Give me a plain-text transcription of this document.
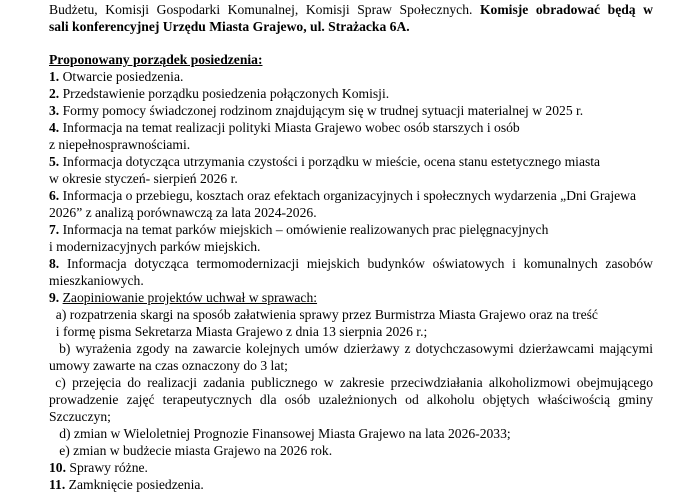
Budżetu, Komisji Gospodarki Komunalnej, Komisji Spraw Społecznych. Komisje obradować będą w
sali konferencyjnej Urzędu Miasta Grajewo, ul. Strażacka 6A.
Proponowany porządek posiedzenia:
1. Otwarcie posiedzenia.
2. Przedstawienie porządku posiedzenia połączonych Komisji.
3. Formy pomocy świadczonej rodzinom znajdującym się w trudnej sytuacji materialnej w 2025 r.
4. Informacja na temat realizacji polityki Miasta Grajewo wobec osób starszych i osób
z niepełnosprawnościami.
5. Informacja dotycząca utrzymania czystości i porządku w mieście, ocena stanu estetycznego miasta
w okresie styczeń- sierpień 2026 r.
6. Informacja o przebiegu, kosztach oraz efektach organizacyjnych i społecznych wydarzenia „Dni Grajewa
2026” z analizą porównawczą za lata 2024-2026.
7. Informacja na temat parków miejskich – omówienie realizowanych prac pielęgnacyjnych
i modernizacyjnych parków miejskich.
8. Informacja dotycząca termomodernizacji miejskich budynków oświatowych i komunalnych zasobów
mieszkaniowych.
9. Zaopiniowanie projektów uchwał w sprawach:
a) rozpatrzenia skargi na sposób załatwienia sprawy przez Burmistrza Miasta Grajewo oraz na treść
i formę pisma Sekretarza Miasta Grajewo z dnia 13 sierpnia 2026 r.;
b) wyrażenia zgody na zawarcie kolejnych umów dzierżawy z dotychczasowymi dzierżawcami mającymi
umowy zawarte na czas oznaczony do 3 lat;
c) przejęcia do realizacji zadania publicznego w zakresie przeciwdziałania alkoholizmowi obejmującego
prowadzenie zajęć terapeutycznych dla osób uzależnionych od alkoholu objętych właściwością gminy
Szczuczyn;
d) zmian w Wieloletniej Prognozie Finansowej Miasta Grajewo na lata 2026-2033;
e) zmian w budżecie miasta Grajewo na 2026 rok.
10. Sprawy różne.
11. Zamknięcie posiedzenia.
